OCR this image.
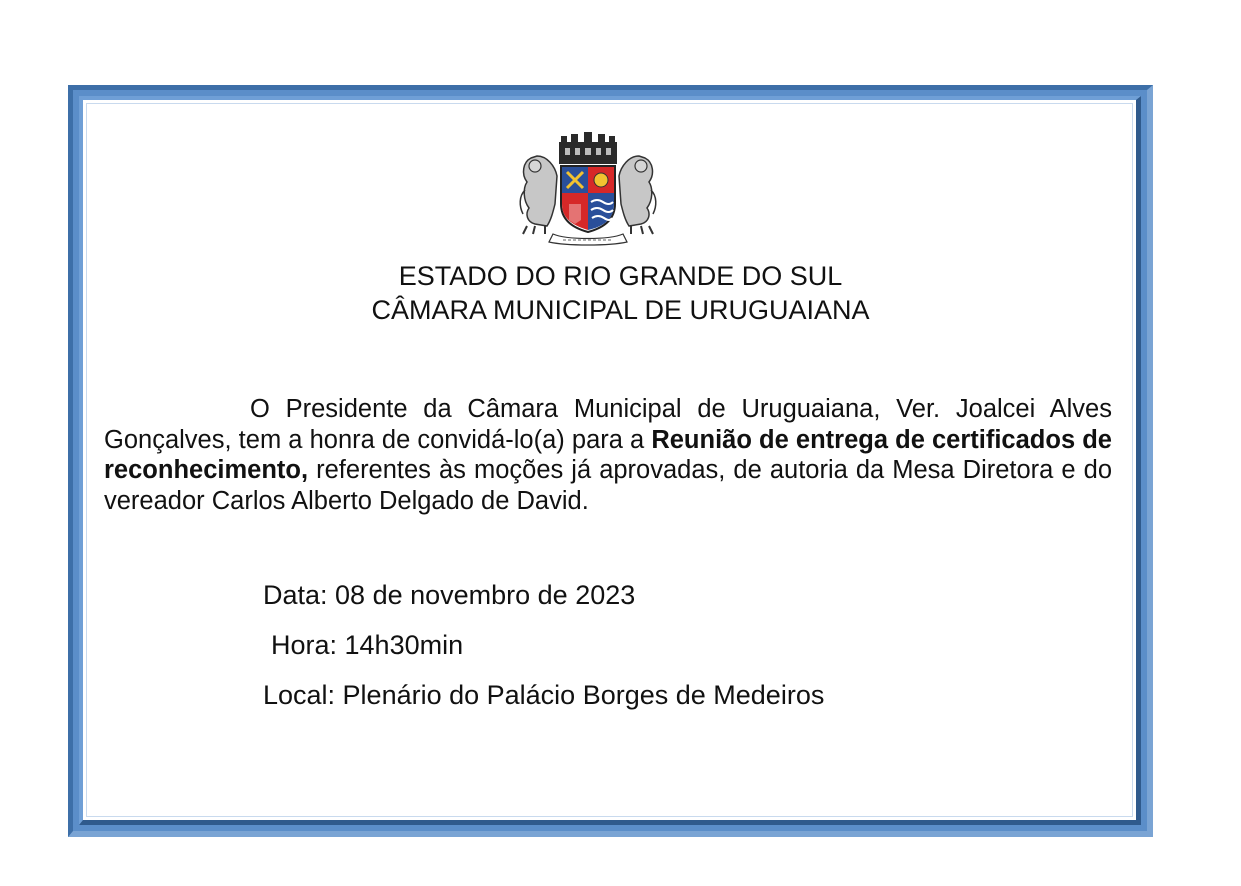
ESTADO DO RIO GRANDE DO SUL
CÂMARA MUNICIPAL DE URUGUAIANA

O Presidente da Câmara Municipal de Uruguaiana, Ver. Joalcei Alves Gonçalves, tem a honra de convidá-lo(a) para a Reunião de entrega de certificados de reconhecimento, referentes às moções já aprovadas, de autoria da Mesa Diretora e do vereador Carlos Alberto Delgado de David.

Data: 08 de novembro de 2023
Hora: 14h30min
Local: Plenário do Palácio Borges de Medeiros
